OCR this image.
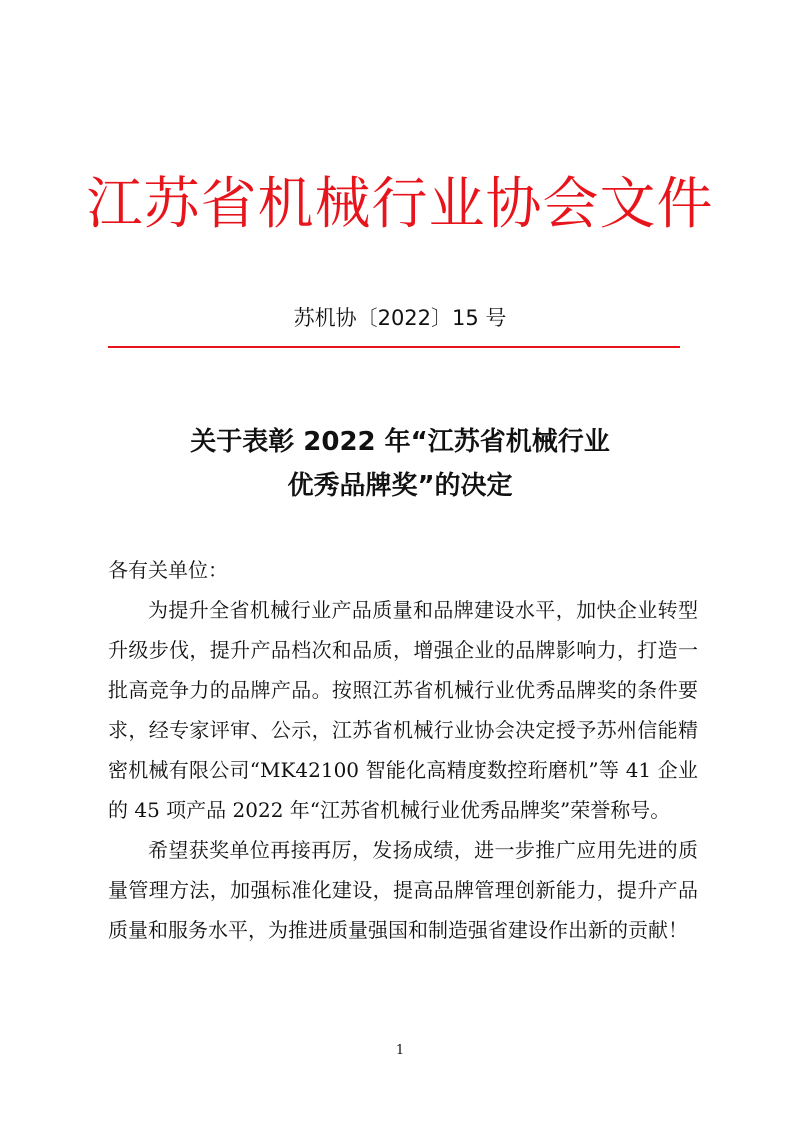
江苏省机械行业协会文件
苏机协〔2022〕15 号
关于表彰 2022 年“江苏省机械行业
优秀品牌奖”的决定

各有关单位：

为提升全省机械行业产品质量和品牌建设水平，加快企业转型升级步伐，提升产品档次和品质，增强企业的品牌影响力，打造一批高竞争力的品牌产品。按照江苏省机械行业优秀品牌奖的条件要求，经专家评审、公示，江苏省机械行业协会决定授予苏州信能精密机械有限公司“MK42100 智能化高精度数控珩磨机”等 41 企业的 45 项产品 2022 年“江苏省机械行业优秀品牌奖”荣誉称号。

希望获奖单位再接再厉，发扬成绩，进一步推广应用先进的质量管理方法，加强标准化建设，提高品牌管理创新能力，提升产品质量和服务水平，为推进质量强国和制造强省建设作出新的贡献！

1
